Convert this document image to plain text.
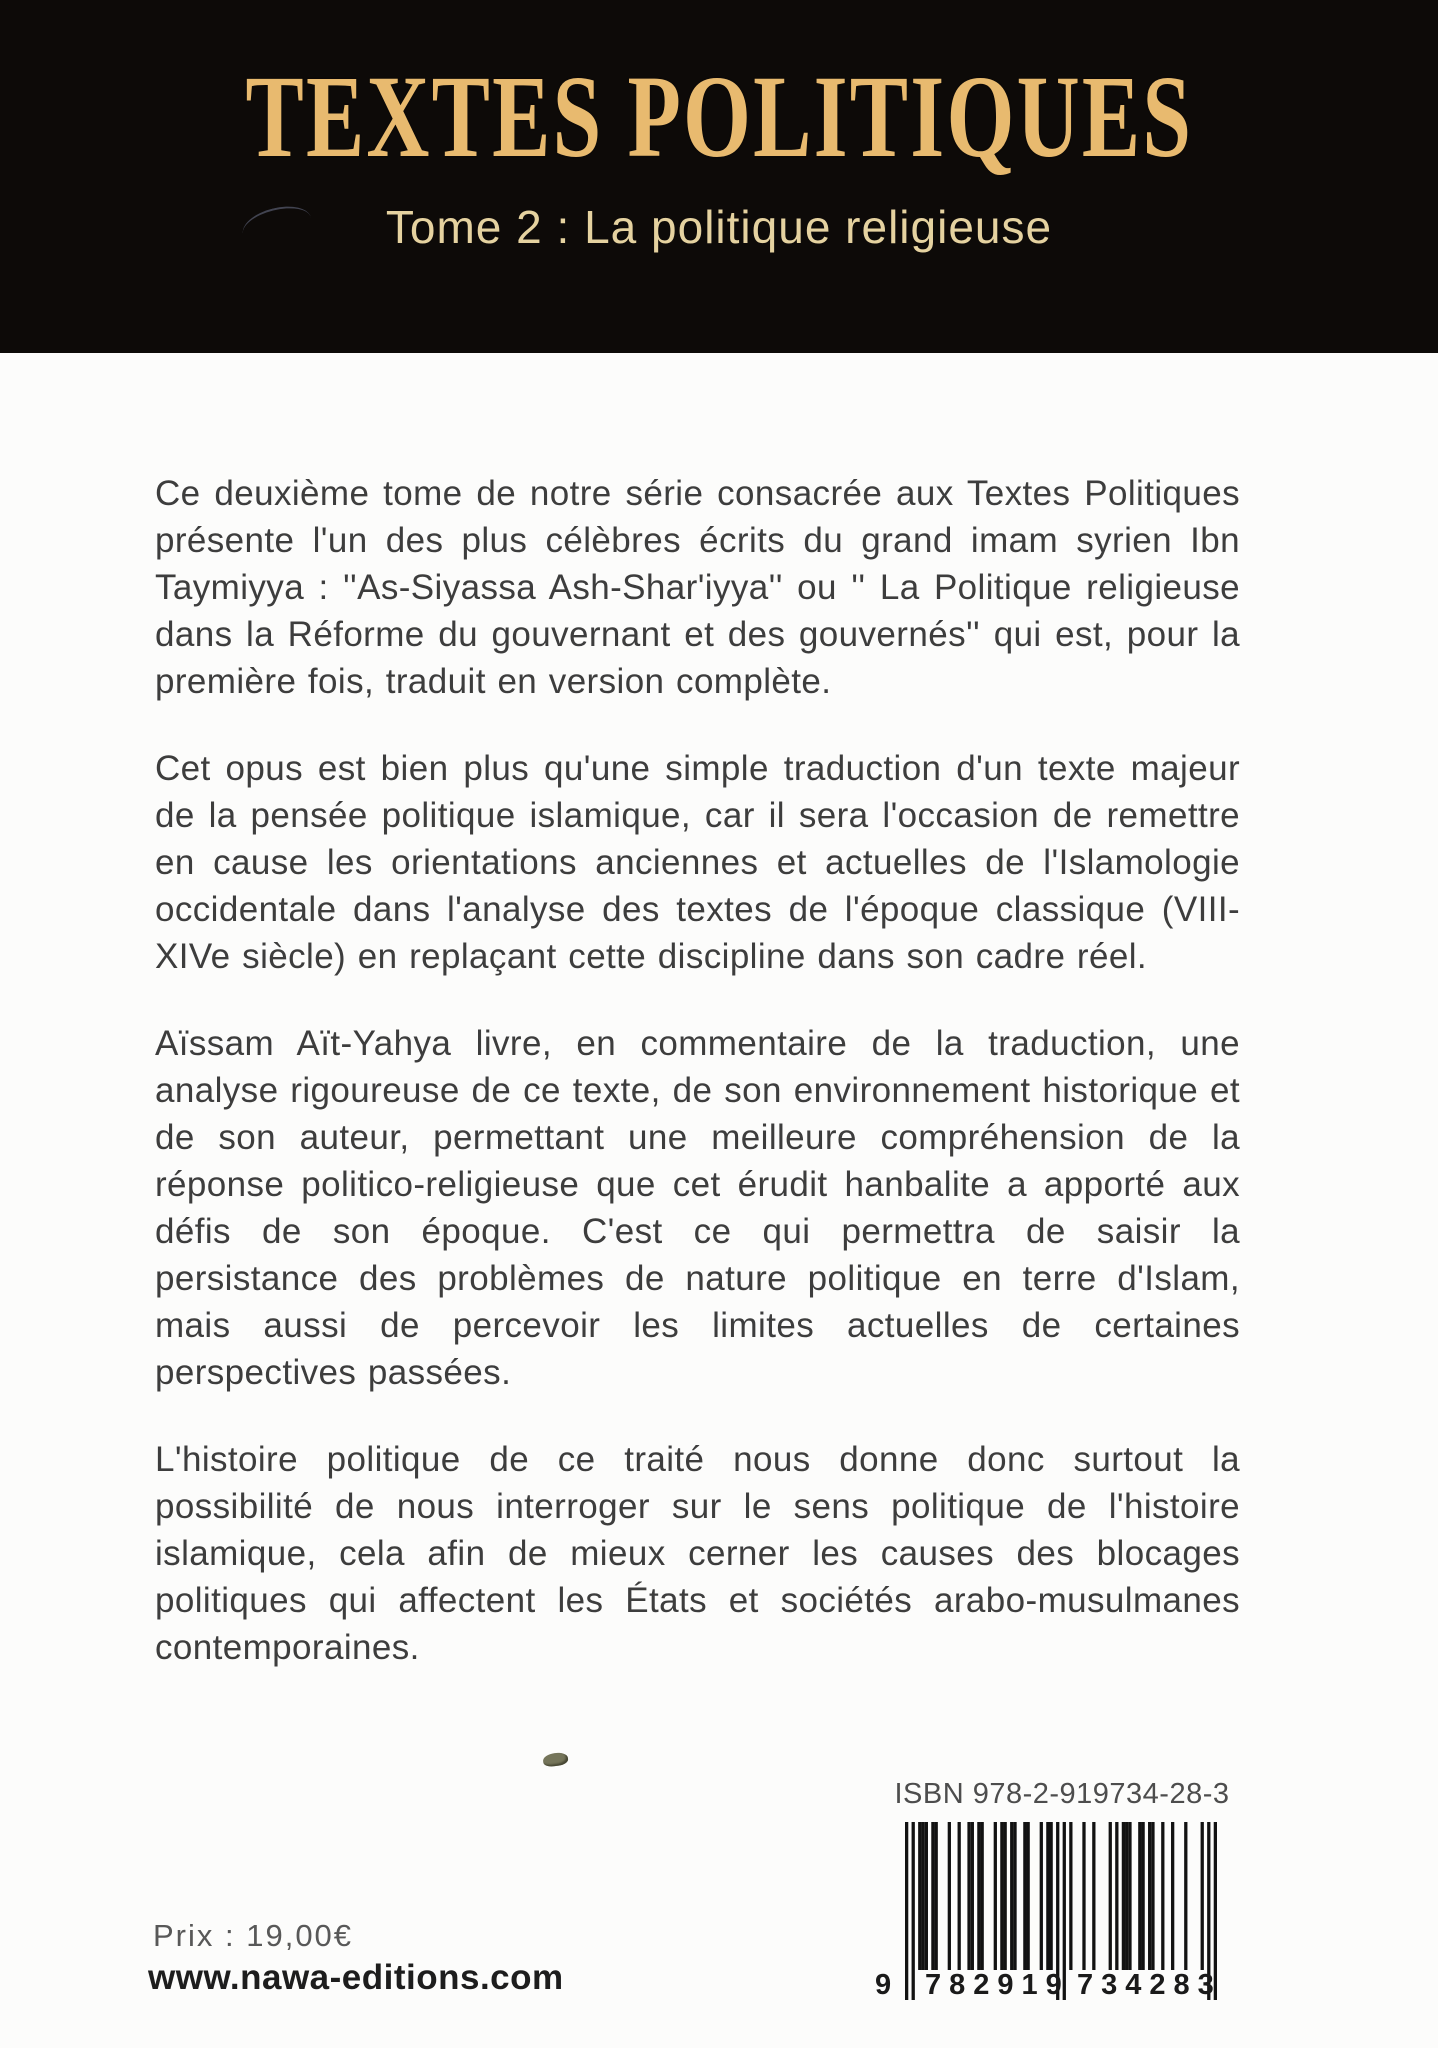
TEXTES POLITIQUES
Tome 2 : La politique religieuse

Ce deuxième tome de notre série consacrée aux Textes Politiques présente l'un des plus célèbres écrits du grand imam syrien Ibn Taymiyya : ''As-Siyassa Ash-Shar'iyya'' ou '' La Politique religieuse dans la Réforme du gouvernant et des gouvernés'' qui est, pour la première fois, traduit en version complète.

Cet opus est bien plus qu'une simple traduction d'un texte majeur de la pensée politique islamique, car il sera l'occasion de remettre en cause les orientations anciennes et actuelles de l'Islamologie occidentale dans l'analyse des textes de l'époque classique (VIII-XIVe siècle) en replaçant cette discipline dans son cadre réel.

Aïssam Aït-Yahya livre, en commentaire de la traduction, une analyse rigoureuse de ce texte, de son environnement historique et de son auteur, permettant une meilleure compréhension de la réponse politico-religieuse que cet érudit hanbalite a apporté aux défis de son époque. C'est ce qui permettra de saisir la persistance des problèmes de nature politique en terre d'Islam, mais aussi de percevoir les limites actuelles de certaines perspectives passées.

L'histoire politique de ce traité nous donne donc surtout la possibilité de nous interroger sur le sens politique de l'histoire islamique, cela afin de mieux cerner les causes des blocages politiques qui affectent les États et sociétés arabo-musulmanes contemporaines.

ISBN 978-2-919734-28-3
9 782919 734283
Prix : 19,00€
www.nawa-editions.com
